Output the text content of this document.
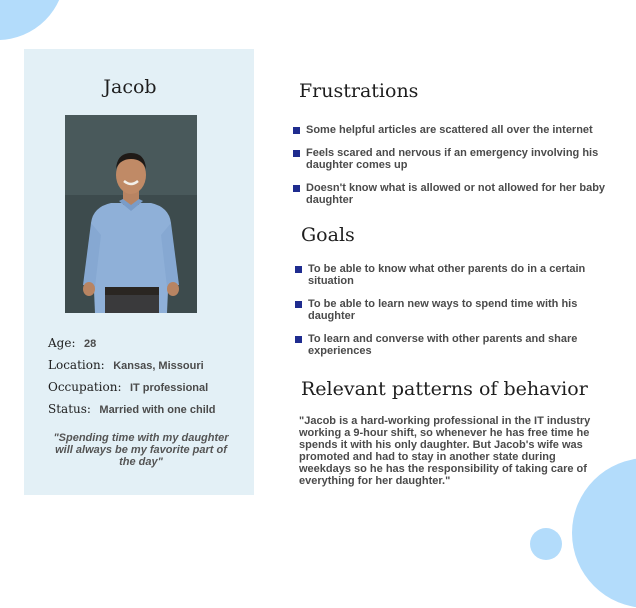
Jacob
Age: 28
Location: Kansas, Missouri
Occupation: IT professional
Status: Married with one child
"Spending time with my daughter will always be my favorite part of the day"
Frustrations
Some helpful articles are scattered all over the internet
Feels scared and nervous if an emergency involving his daughter comes up
Doesn't know what is allowed or not allowed for her baby daughter
Goals
To be able to know what other parents do in a certain situation
To be able to learn new ways to spend time with his daughter
To learn and converse with other parents and share experiences
Relevant patterns of behavior
"Jacob is a hard-working professional in the IT industry working a 9-hour shift, so whenever he has free time he spends it with his only daughter. But Jacob's wife was promoted and had to stay in another state during weekdays so he has the responsibility of taking care of everything for her daughter."
